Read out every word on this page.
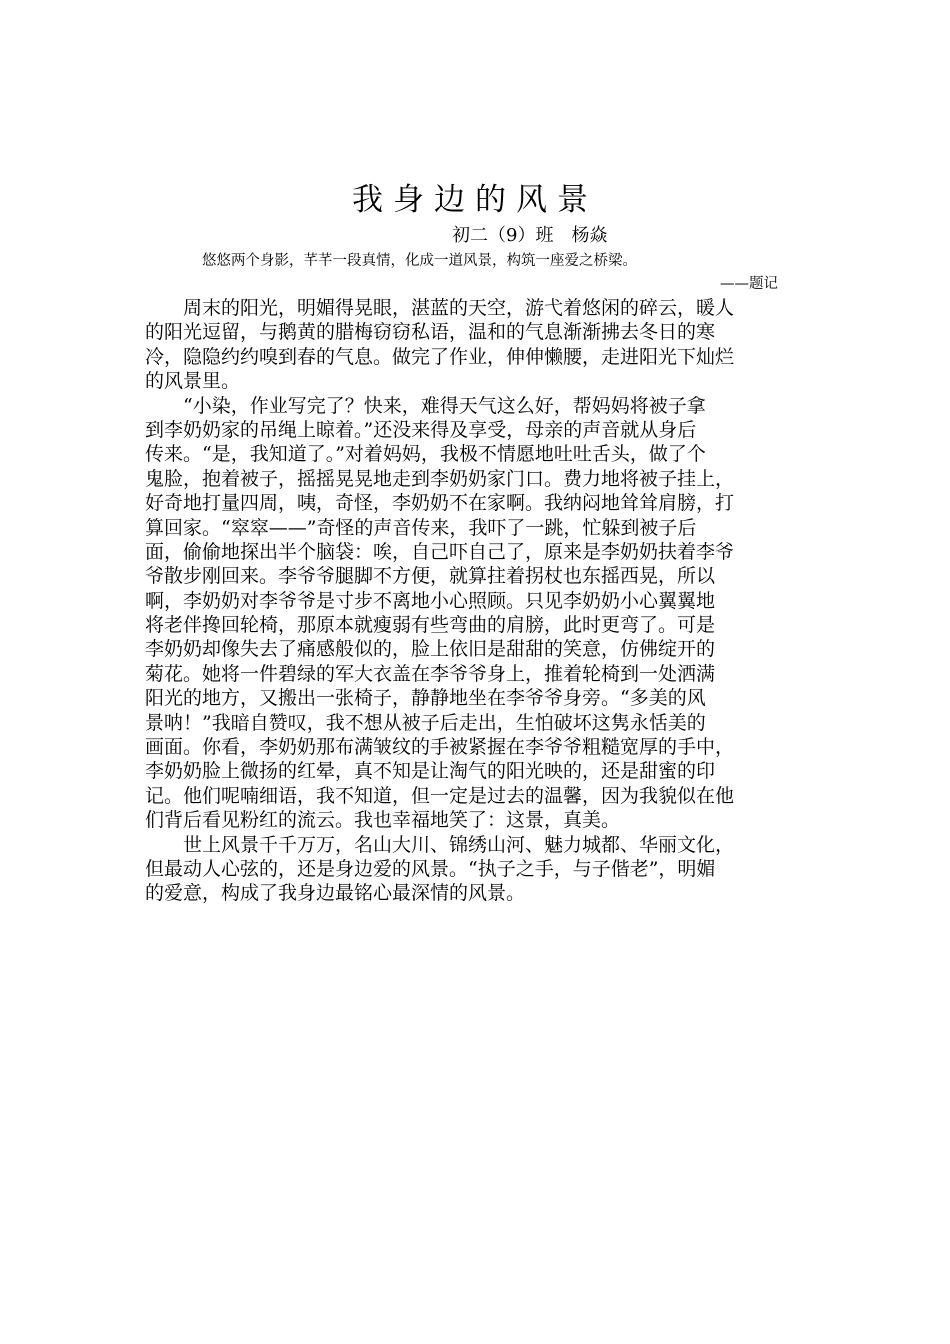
我身边的风景
初二（9）班　杨焱
悠悠两个身影，芊芊一段真情，化成一道风景，构筑一座爱之桥梁。
——题记
　　周末的阳光，明媚得晃眼，湛蓝的天空，游弋着悠闲的碎云，暖人
的阳光逗留，与鹅黄的腊梅窃窃私语，温和的气息渐渐拂去冬日的寒
冷，隐隐约约嗅到春的气息。做完了作业，伸伸懒腰，走进阳光下灿烂
的风景里。
　　“小染，作业写完了？快来，难得天气这么好，帮妈妈将被子拿
到李奶奶家的吊绳上晾着。”还没来得及享受，母亲的声音就从身后
传来。“是，我知道了。”对着妈妈，我极不情愿地吐吐舌头，做了个
鬼脸，抱着被子，摇摇晃晃地走到李奶奶家门口。费力地将被子挂上，
好奇地打量四周，咦，奇怪，李奶奶不在家啊。我纳闷地耸耸肩膀，打
算回家。“窣窣——”奇怪的声音传来，我吓了一跳，忙躲到被子后
面，偷偷地探出半个脑袋：唉，自己吓自己了，原来是李奶奶扶着李爷
爷散步刚回来。李爷爷腿脚不方便，就算拄着拐杖也东摇西晃，所以
啊，李奶奶对李爷爷是寸步不离地小心照顾。只见李奶奶小心翼翼地
将老伴搀回轮椅，那原本就瘦弱有些弯曲的肩膀，此时更弯了。可是
李奶奶却像失去了痛感般似的，脸上依旧是甜甜的笑意，仿佛绽开的
菊花。她将一件碧绿的军大衣盖在李爷爷身上，推着轮椅到一处洒满
阳光的地方，又搬出一张椅子，静静地坐在李爷爷身旁。“多美的风
景呐！”我暗自赞叹，我不想从被子后走出，生怕破坏这隽永恬美的
画面。你看，李奶奶那布满皱纹的手被紧握在李爷爷粗糙宽厚的手中，
李奶奶脸上微扬的红晕，真不知是让淘气的阳光映的，还是甜蜜的印
记。他们呢喃细语，我不知道，但一定是过去的温馨，因为我貌似在他
们背后看见粉红的流云。我也幸福地笑了：这景，真美。
　　世上风景千千万万，名山大川、锦绣山河、魅力城都、华丽文化，
但最动人心弦的，还是身边爱的风景。“执子之手，与子偕老”，明媚
的爱意，构成了我身边最铭心最深情的风景。
